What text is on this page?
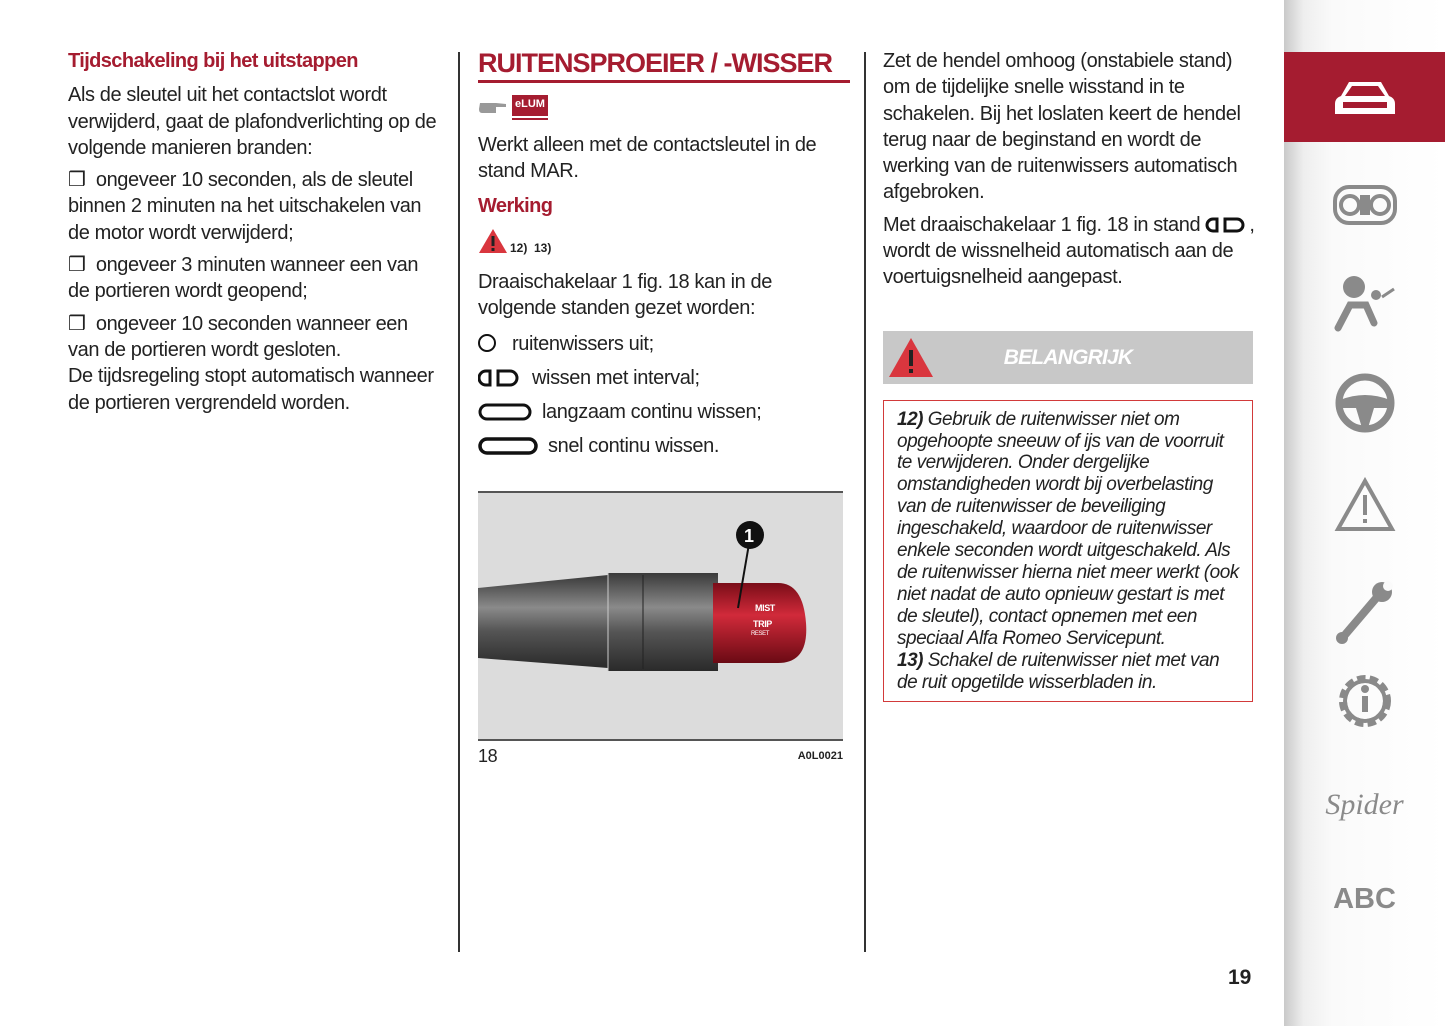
Tijdschakeling bij het uitstappen

Als de sleutel uit het contactslot wordt verwijderd, gaat de plafondverlichting op de volgende manieren branden:

❒ ongeveer 10 seconden, als de sleutel binnen 2 minuten na het uitschakelen van de motor wordt verwijderd;

❒ ongeveer 3 minuten wanneer een van de portieren wordt geopend;

❒ ongeveer 10 seconden wanneer een van de portieren wordt gesloten.

De tijdsregeling stopt automatisch wanneer de portieren vergrendeld worden.

RUITENSPROEIER / -WISSER
eLUM

Werkt alleen met de contactsleutel in de stand MAR.

Werking
12)  13)

Draaischakelaar 1 fig. 18 kan in de volgende standen gezet worden:

ruitenwissers uit;
wissen met interval;
langzaam continu wissen;
snel continu wissen.
MIST
TRIP
RESET
1
18	A0L0021

Zet de hendel omhoog (onstabiele stand) om de tijdelijke snelle wisstand in te schakelen. Bij het loslaten keert de hendel terug naar de beginstand en wordt de werking van de ruitenwissers automatisch afgebroken.

Met draaischakelaar 1 fig. 18 in stand , wordt de wissnelheid automatisch aan de voertuigsnelheid aangepast.

BELANGRIJK
12) Gebruik de ruitenwisser niet om opgehoopte sneeuw of ijs van de voorruit te verwijderen. Onder dergelijke omstandigheden wordt bij overbelasting van de ruitenwisser de beveiliging ingeschakeld, waardoor de ruitenwisser enkele seconden wordt uitgeschakeld. Als de ruitenwisser hierna niet meer werkt (ook niet nadat de auto opnieuw gestart is met de sleutel), contact opnemen met een speciaal Alfa Romeo Servicepunt.
13) Schakel de ruitenwisser niet met van de ruit opgetilde wisserbladen in.
Spider
ABC
19
